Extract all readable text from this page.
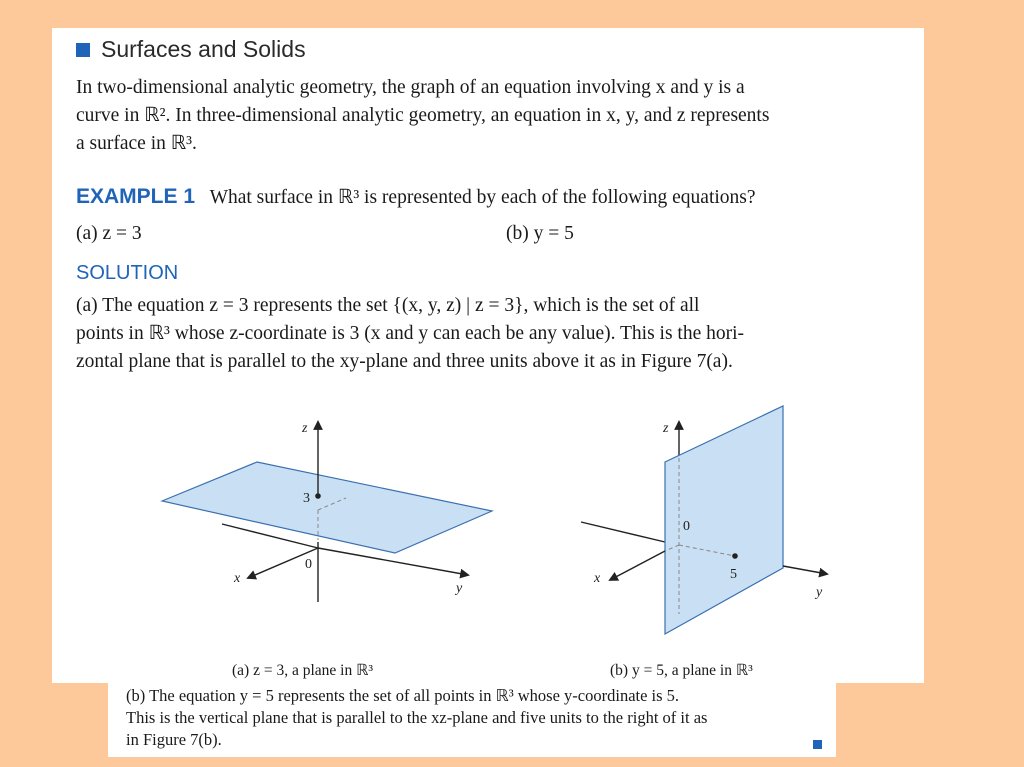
Surfaces and Solids
In two-dimensional analytic geometry, the graph of an equation involving x and y is a
curve in ℝ². In three-dimensional analytic geometry, an equation in x, y, and z represents
a surface in ℝ³.
EXAMPLE 1 What surface in ℝ³ is represented by each of the following equations?
(a) z = 3	(b) y = 5
SOLUTION
(a) The equation z = 3 represents the set {(x, y, z) | z = 3}, which is the set of all
points in ℝ³ whose z-coordinate is 3 (x and y can each be any value). This is the hori-
zontal plane that is parallel to the xy-plane and three units above it as in Figure 7(a).
z
3
0
x
y
z
0
5
x
y
(a) z = 3, a plane in ℝ³	(b) y = 5, a plane in ℝ³
(b) The equation y = 5 represents the set of all points in ℝ³ whose y-coordinate is 5.
This is the vertical plane that is parallel to the xz-plane and five units to the right of it as
in Figure 7(b).
